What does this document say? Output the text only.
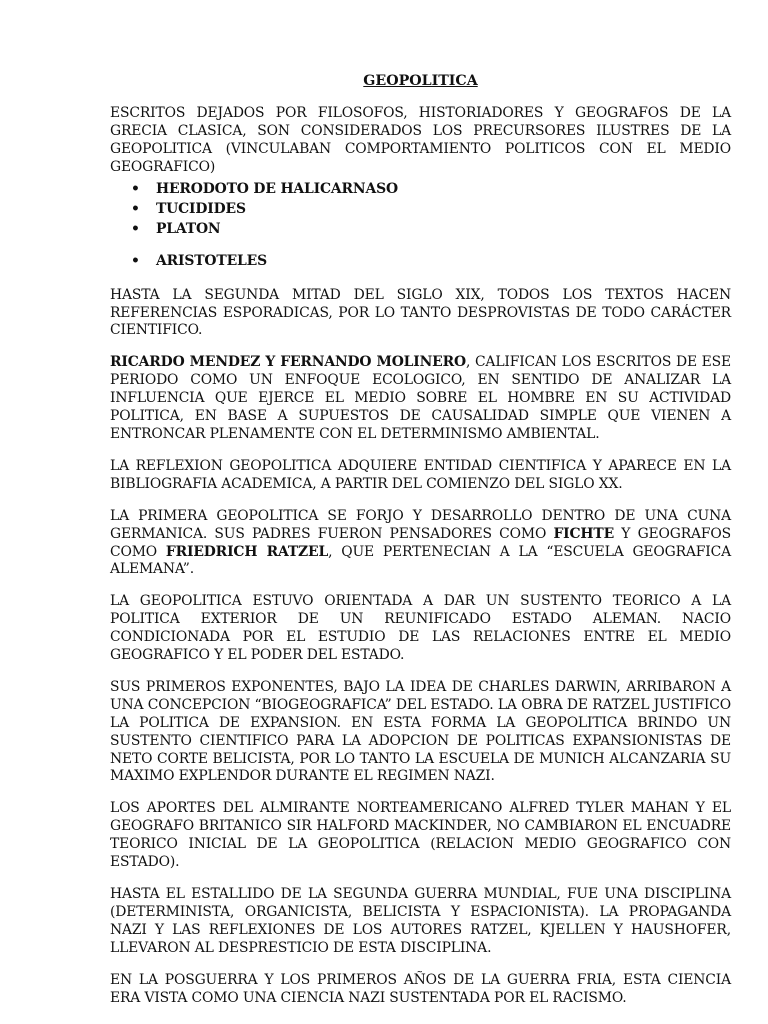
GEOPOLITICA

ESCRITOS DEJADOS POR FILOSOFOS, HISTORIADORES Y GEOGRAFOS DE LA GRECIA CLASICA, SON CONSIDERADOS LOS PRECURSORES ILUSTRES DE LA GEOPOLITICA (VINCULABAN COMPORTAMIENTO POLITICOS CON EL MEDIO GEOGRAFICO)

• HERODOTO DE HALICARNASO
• TUCIDIDES
• PLATON
• ARISTOTELES

HASTA LA SEGUNDA MITAD DEL SIGLO XIX, TODOS LOS TEXTOS HACEN REFERENCIAS ESPORADICAS, POR LO TANTO DESPROVISTAS DE TODO CARÁCTER CIENTIFICO.

RICARDO MENDEZ Y FERNANDO MOLINERO, CALIFICAN LOS ESCRITOS DE ESE PERIODO COMO UN ENFOQUE ECOLOGICO, EN SENTIDO DE ANALIZAR LA INFLUENCIA QUE EJERCE EL MEDIO SOBRE EL HOMBRE EN SU ACTIVIDAD POLITICA, EN BASE A SUPUESTOS DE CAUSALIDAD SIMPLE QUE VIENEN A ENTRONCAR PLENAMENTE CON EL DETERMINISMO AMBIENTAL.

LA REFLEXION GEOPOLITICA ADQUIERE ENTIDAD CIENTIFICA Y APARECE EN LA BIBLIOGRAFIA ACADEMICA, A PARTIR DEL COMIENZO DEL SIGLO XX.

LA PRIMERA GEOPOLITICA SE FORJO Y DESARROLLO DENTRO DE UNA CUNA GERMANICA. SUS PADRES FUERON PENSADORES COMO FICHTE Y GEOGRAFOS COMO FRIEDRICH RATZEL, QUE PERTENECIAN A LA “ESCUELA GEOGRAFICA ALEMANA”.

LA GEOPOLITICA ESTUVO ORIENTADA A DAR UN SUSTENTO TEORICO A LA POLITICA EXTERIOR DE UN REUNIFICADO ESTADO ALEMAN. NACIO CONDICIONADA POR EL ESTUDIO DE LAS RELACIONES ENTRE EL MEDIO GEOGRAFICO Y EL PODER DEL ESTADO.

SUS PRIMEROS EXPONENTES, BAJO LA IDEA DE CHARLES DARWIN, ARRIBARON A UNA CONCEPCION “BIOGEOGRAFICA” DEL ESTADO. LA OBRA DE RATZEL JUSTIFICO LA POLITICA DE EXPANSION. EN ESTA FORMA LA GEOPOLITICA BRINDO UN SUSTENTO CIENTIFICO PARA LA ADOPCION DE POLITICAS EXPANSIONISTAS DE NETO CORTE BELICISTA, POR LO TANTO LA ESCUELA DE MUNICH ALCANZARIA SU MAXIMO EXPLENDOR DURANTE EL REGIMEN NAZI.

LOS APORTES DEL ALMIRANTE NORTEAMERICANO ALFRED TYLER MAHAN Y EL GEOGRAFO BRITANICO SIR HALFORD MACKINDER, NO CAMBIARON EL ENCUADRE TEORICO INICIAL DE LA GEOPOLITICA (RELACION MEDIO GEOGRAFICO CON ESTADO).

HASTA EL ESTALLIDO DE LA SEGUNDA GUERRA MUNDIAL, FUE UNA DISCIPLINA (DETERMINISTA, ORGANICISTA, BELICISTA Y ESPACIONISTA). LA PROPAGANDA NAZI Y LAS REFLEXIONES DE LOS AUTORES RATZEL, KJELLEN Y HAUSHOFER, LLEVARON AL DESPRESTICIO DE ESTA DISCIPLINA.

EN LA POSGUERRA Y LOS PRIMEROS AÑOS DE LA GUERRA FRIA, ESTA CIENCIA ERA VISTA COMO UNA CIENCIA NAZI SUSTENTADA POR EL RACISMO.
